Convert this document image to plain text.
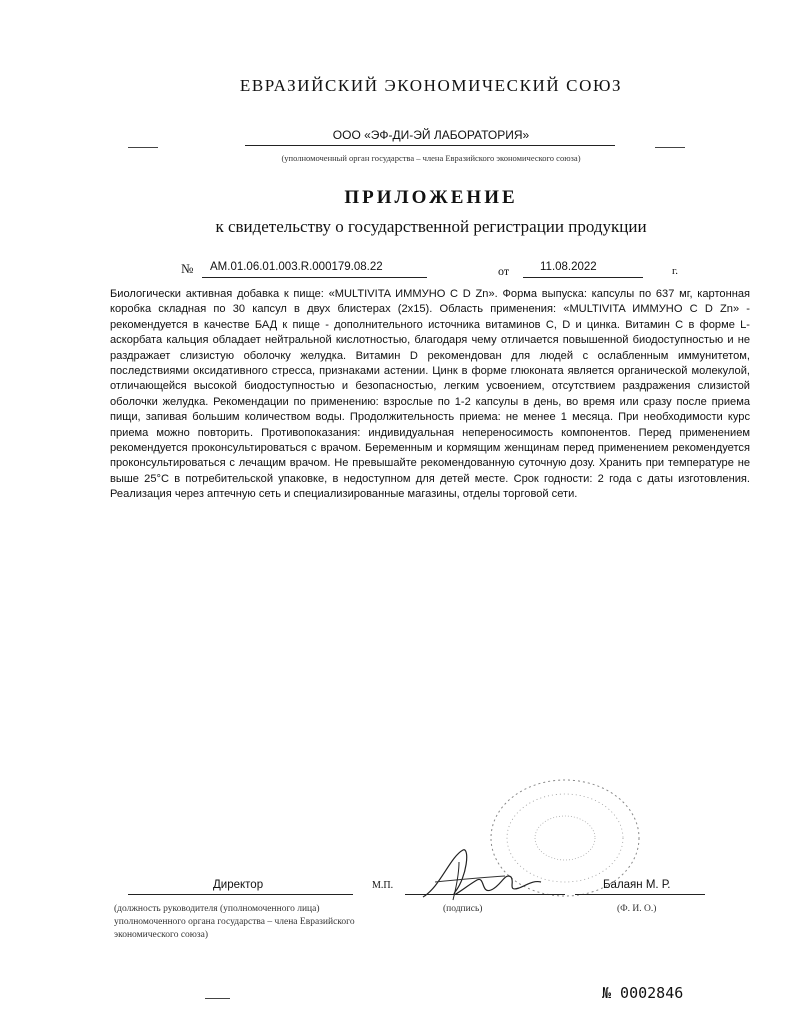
ЕВРАЗИЙСКИЙ ЭКОНОМИЧЕСКИЙ СОЮЗ
ООО «ЭФ-ДИ-ЭЙ ЛАБОРАТОРИЯ»
(уполномоченный орган государства – члена Евразийского экономического союза)
ПРИЛОЖЕНИЕ
к свидетельству о государственной регистрации продукции
№ AM.01.06.01.003.R.000179.08.22	от	11.08.2022	г.
Биологически активная добавка к пище: «MULTIVITA ИММУНО С D Zn». Форма выпуска: капсулы по 637 мг, картонная коробка складная по 30 капсул в двух блистерах (2x15). Область применения: «MULTIVITA ИММУНО С D Zn» - рекомендуется в качестве БАД к пище - дополнительного источника витаминов С, D и цинка. Витамин С в форме L-аскорбата кальция обладает нейтральной кислотностью, благодаря чему отличается повышенной биодоступностью и не раздражает слизистую оболочку желудка. Витамин D рекомендован для людей с ослабленным иммунитетом, последствиями оксидативного стресса, признаками астении. Цинк в форме глюконата является органической молекулой, отличающейся высокой биодоступностью и безопасностью, легким усвоением, отсутствием раздражения слизистой оболочки желудка. Рекомендации по применению: взрослые по 1-2 капсулы в день, во время или сразу после приема пищи, запивая большим количеством воды. Продолжительность приема: не менее 1 месяца. При необходимости курс приема можно повторить. Противопоказания: индивидуальная непереносимость компонентов. Перед применением рекомендуется проконсультироваться с врачом. Беременным и кормящим женщинам перед применением рекомендуется проконсультироваться с лечащим врачом. Не превышайте рекомендованную суточную дозу. Хранить при температуре не выше 25°C в потребительской упаковке, в недоступном для детей месте. Срок годности: 2 года с даты изготовления. Реализация через аптечную сеть и специализированные магазины, отделы торговой сети.
Директор	М.П.	Балаян М. Р.
(должность руководителя (уполномоченного лица) уполномоченного органа государства – члена Евразийского экономического союза)
(подпись)	(Ф. И. О.)
№ 0002846
